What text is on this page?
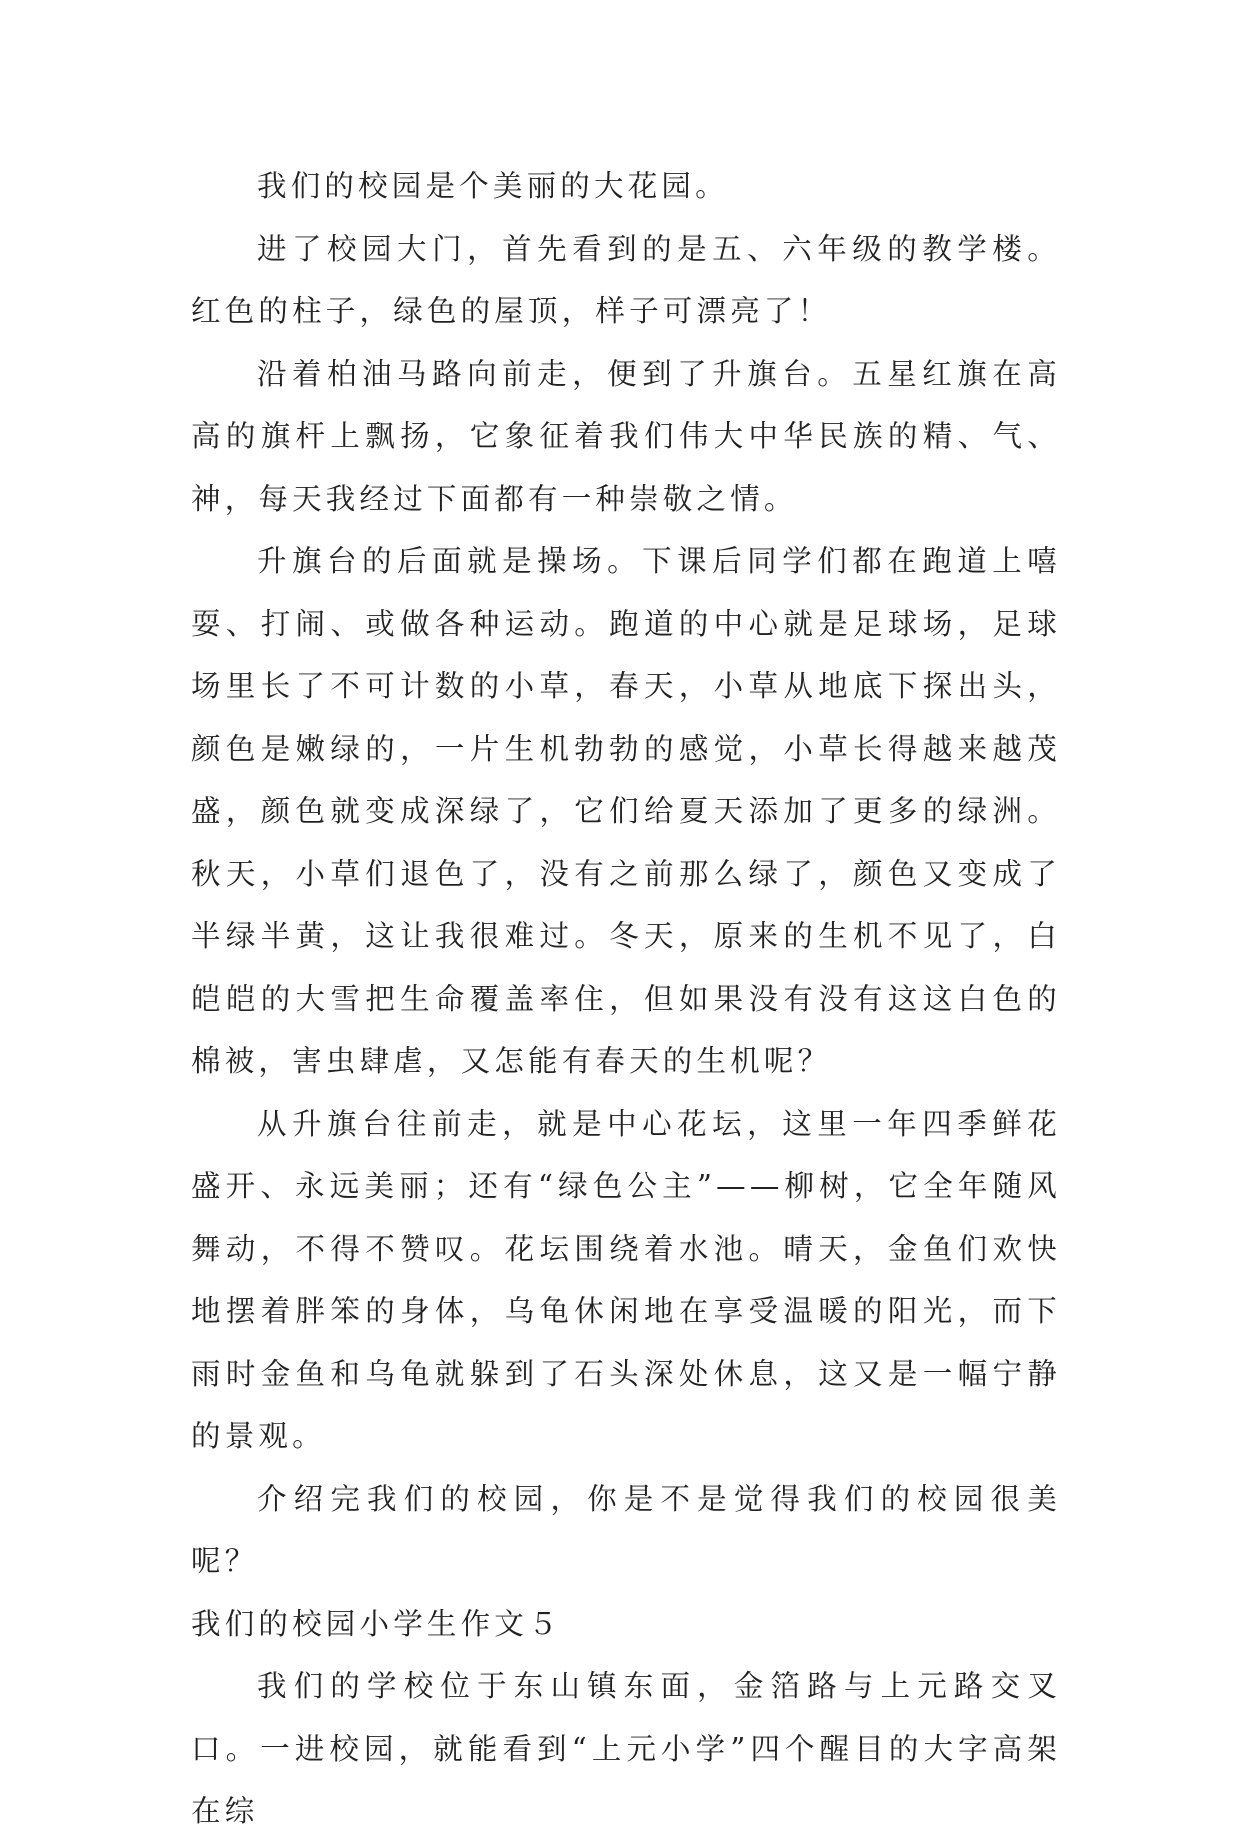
我们的校园是个美丽的大花园。

进了校园大门，首先看到的是五、六年级的教学楼。红色的柱子，绿色的屋顶，样子可漂亮了！

沿着柏油马路向前走，便到了升旗台。五星红旗在高高的旗杆上飘扬，它象征着我们伟大中华民族的精、气、神，每天我经过下面都有一种崇敬之情。

升旗台的后面就是操场。下课后同学们都在跑道上嘻耍、打闹、或做各种运动。跑道的中心就是足球场，足球场里长了不可计数的小草，春天，小草从地底下探出头，颜色是嫩绿的，一片生机勃勃的感觉，小草长得越来越茂盛，颜色就变成深绿了，它们给夏天添加了更多的绿洲。秋天，小草们退色了，没有之前那么绿了，颜色又变成了半绿半黄，这让我很难过。冬天，原来的生机不见了，白皑皑的大雪把生命覆盖率住，但如果没有没有这这白色的棉被，害虫肆虐，又怎能有春天的生机呢？

从升旗台往前走，就是中心花坛，这里一年四季鲜花盛开、永远美丽；还有“绿色公主”——柳树，它全年随风舞动，不得不赞叹。花坛围绕着水池。晴天，金鱼们欢快地摆着胖笨的身体，乌龟休闲地在享受温暖的阳光，而下雨时金鱼和乌龟就躲到了石头深处休息，这又是一幅宁静的景观。

介绍完我们的校园，你是不是觉得我们的校园很美呢？

我们的校园小学生作文５

我们的学校位于东山镇东面，金箔路与上元路交叉口。一进校园，就能看到“上元小学”四个醒目的大字高架在综
